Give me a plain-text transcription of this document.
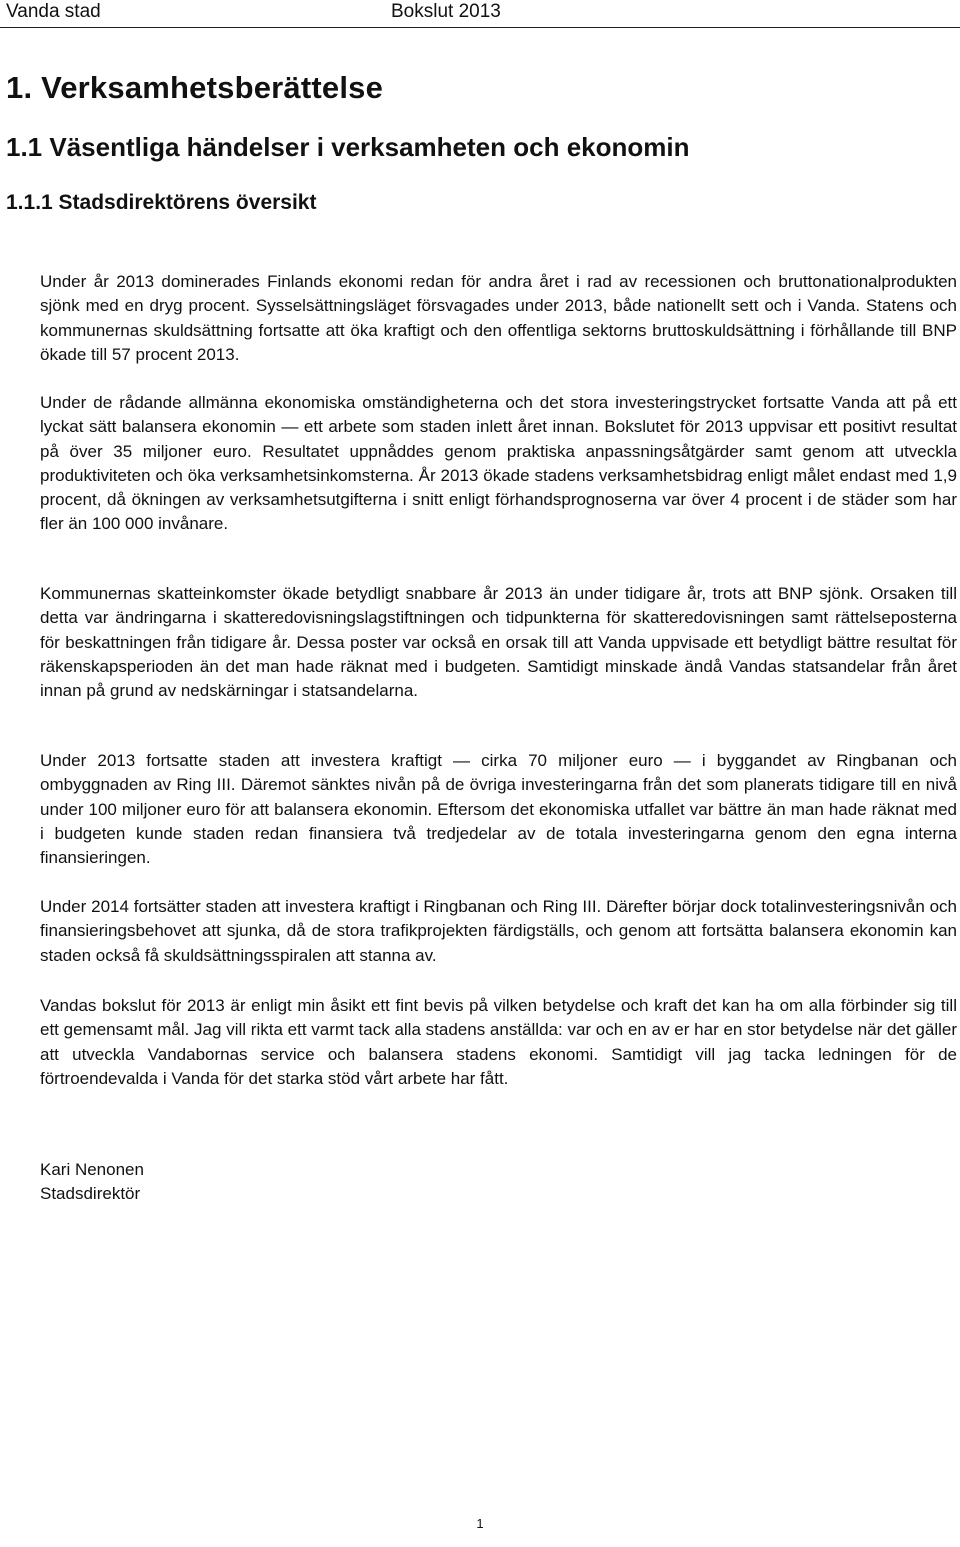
Vanda stad	Bokslut 2013
1. Verksamhetsberättelse
1.1 Väsentliga händelser i verksamheten och ekonomin
1.1.1 Stadsdirektörens översikt

Under år 2013 dominerades Finlands ekonomi redan för andra året i rad av recessionen och bruttonationalprodukten sjönk med en dryg procent. Sysselsättningsläget försvagades under 2013, både nationellt sett och i Vanda. Statens och kommunernas skuldsättning fortsatte att öka kraftigt och den offentliga sektorns bruttoskuldsättning i förhållande till BNP ökade till 57 procent 2013.

Under de rådande allmänna ekonomiska omständigheterna och det stora investeringstrycket fortsatte Vanda att på ett lyckat sätt balansera ekonomin — ett arbete som staden inlett året innan. Bokslutet för 2013 uppvisar ett positivt resultat på över 35 miljoner euro. Resultatet uppnåddes genom praktiska anpassningsåtgärder samt genom att utveckla produktiviteten och öka verksamhetsinkomsterna. År 2013 ökade stadens verksamhetsbidrag enligt målet endast med 1,9 procent, då ökningen av verksamhetsutgifterna i snitt enligt förhandsprognoserna var över 4 procent i de städer som har fler än 100 000 invånare.

Kommunernas skatteinkomster ökade betydligt snabbare år 2013 än under tidigare år, trots att BNP sjönk. Orsaken till detta var ändringarna i skatteredovisningslagstiftningen och tidpunkterna för skatteredovisningen samt rättelseposterna för beskattningen från tidigare år. Dessa poster var också en orsak till att Vanda uppvisade ett betydligt bättre resultat för räkenskapsperioden än det man hade räknat med i budgeten. Samtidigt minskade ändå Vandas statsandelar från året innan på grund av nedskärningar i statsandelarna.

Under 2013 fortsatte staden att investera kraftigt — cirka 70 miljoner euro — i byggandet av Ringbanan och ombyggnaden av Ring III. Däremot sänktes nivån på de övriga investeringarna från det som planerats tidigare till en nivå under 100 miljoner euro för att balansera ekonomin. Eftersom det ekonomiska utfallet var bättre än man hade räknat med i budgeten kunde staden redan finansiera två tredjedelar av de totala investeringarna genom den egna interna finansieringen.

Under 2014 fortsätter staden att investera kraftigt i Ringbanan och Ring III. Därefter börjar dock totalinvesteringsnivån och finansieringsbehovet att sjunka, då de stora trafikprojekten färdigställs, och genom att fortsätta balansera ekonomin kan staden också få skuldsättningsspiralen att stanna av.

Vandas bokslut för 2013 är enligt min åsikt ett fint bevis på vilken betydelse och kraft det kan ha om alla förbinder sig till ett gemensamt mål. Jag vill rikta ett varmt tack alla stadens anställda: var och en av er har en stor betydelse när det gäller att utveckla Vandabornas service och balansera stadens ekonomi. Samtidigt vill jag tacka ledningen för de förtroendevalda i Vanda för det starka stöd vårt arbete har fått.

Kari Nenonen
Stadsdirektör
1
